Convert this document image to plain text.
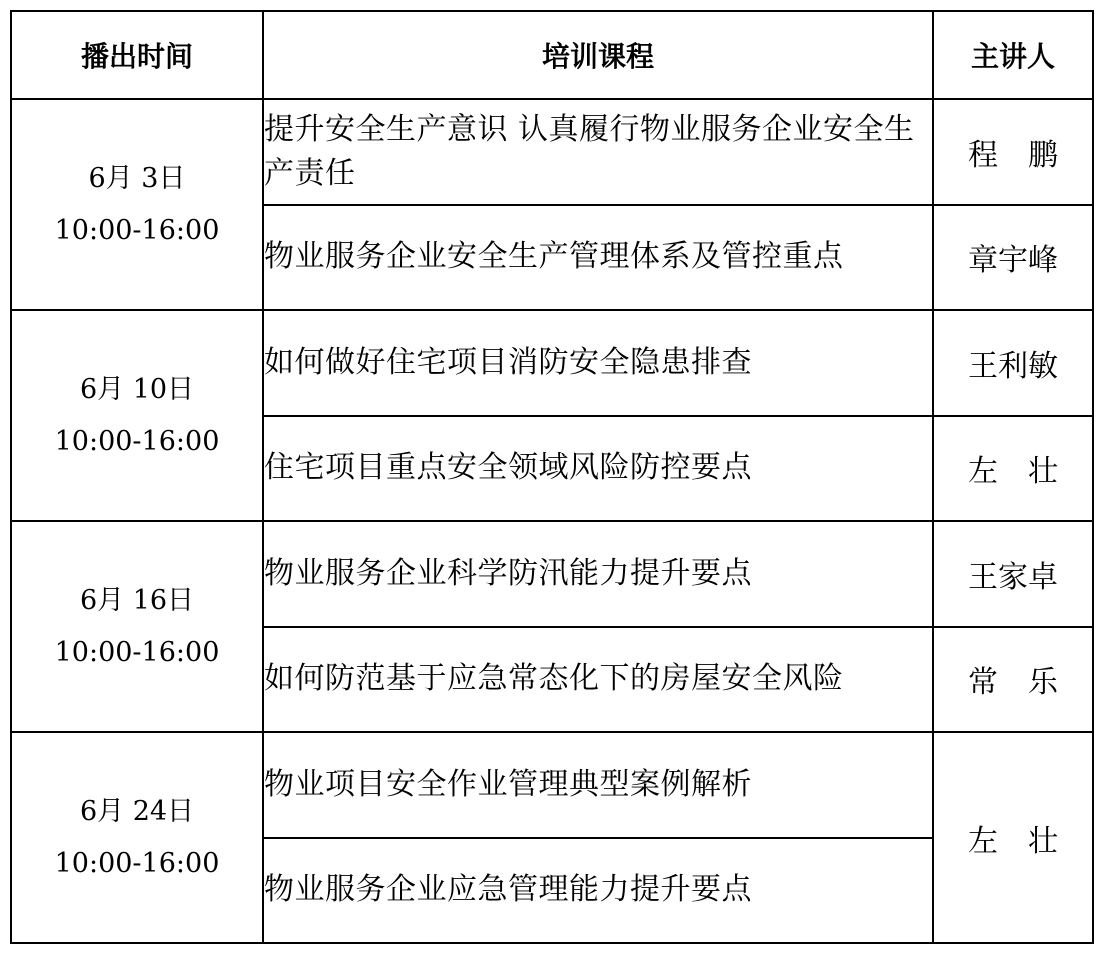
播出时间	培训课程	主讲人

6月 3日
10:00-16:00	提升安全生产意识 认真履行物业服务企业安全生产责任	程　鹏
	物业服务企业安全生产管理体系及管控重点	章宇峰

6月 10日
10:00-16:00	如何做好住宅项目消防安全隐患排查	王利敏
	住宅项目重点安全领域风险防控要点	左　壮

6月 16日
10:00-16:00	物业服务企业科学防汛能力提升要点	王家卓
	如何防范基于应急常态化下的房屋安全风险	常　乐

6月 24日
10:00-16:00	物业项目安全作业管理典型案例解析	左　壮
	物业服务企业应急管理能力提升要点	
